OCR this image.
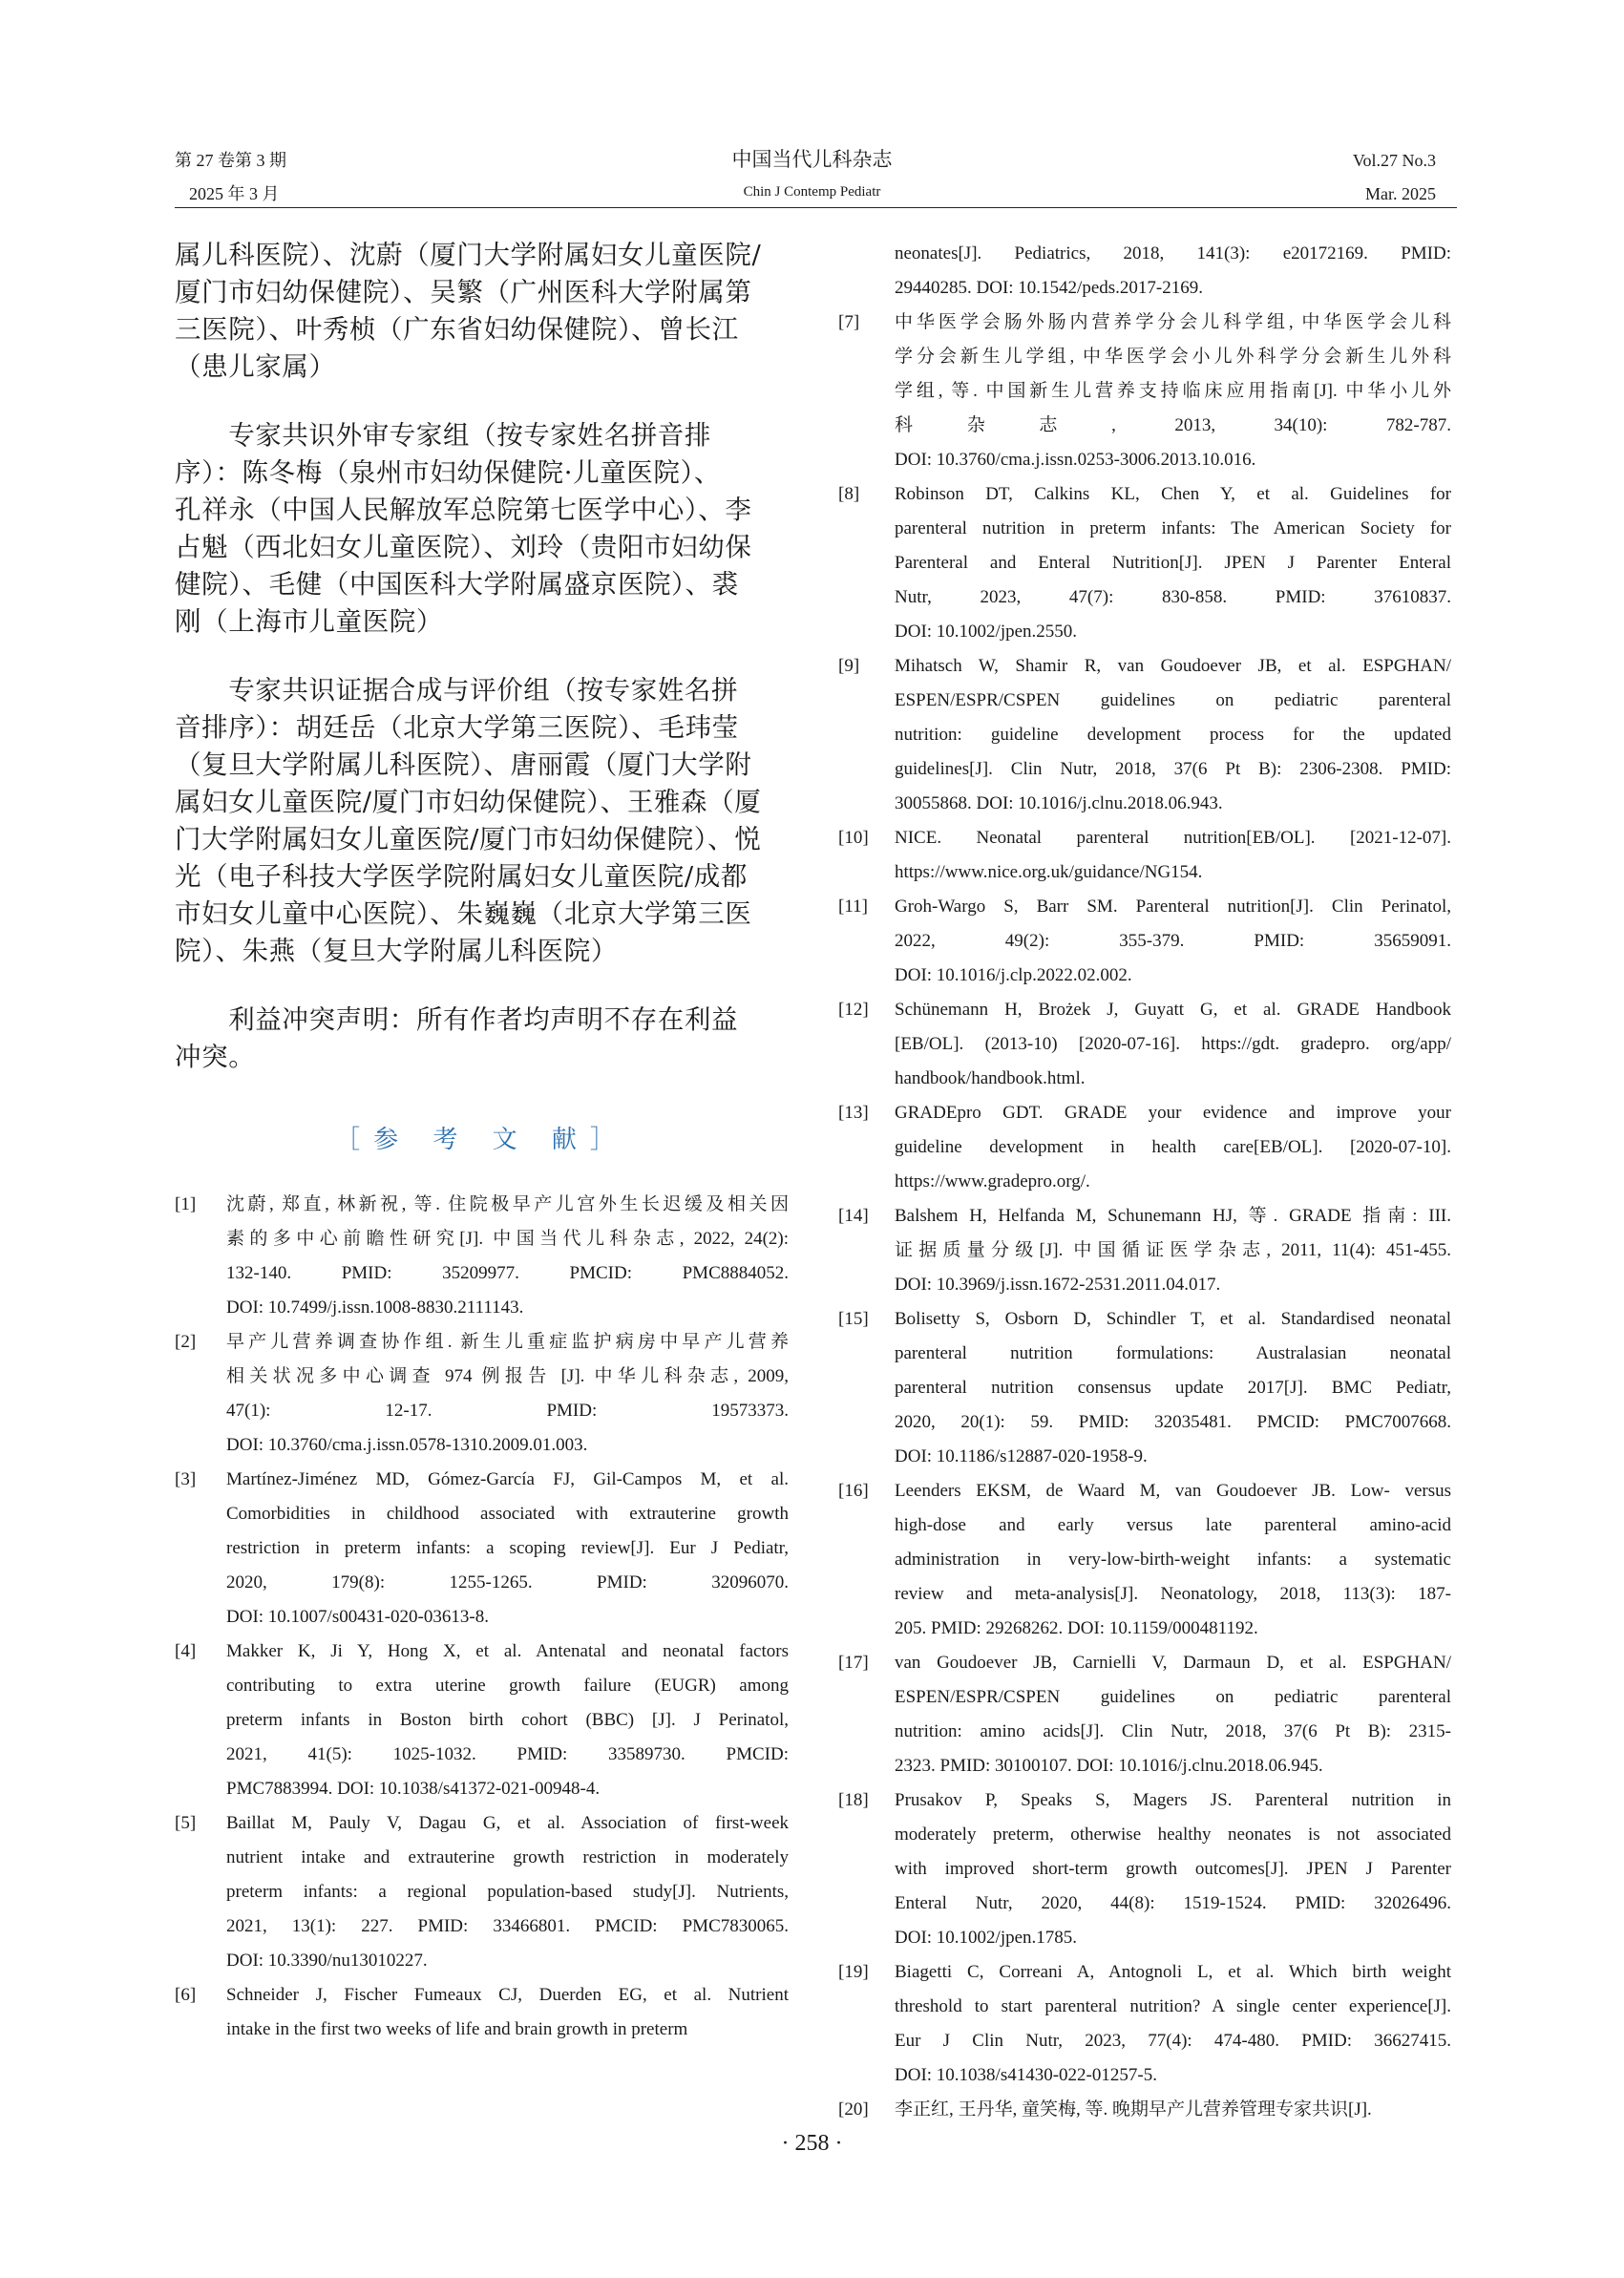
第 27 卷第 3 期
2025 年 3 月
中国当代儿科杂志
Chin J Contemp Pediatr
Vol.27 No.3
Mar. 2025
属儿科医院）、沈蔚（厦门大学附属妇女儿童医院/
厦门市妇幼保健院）、吴繁（广州医科大学附属第
三医院）、叶秀桢（广东省妇幼保健院）、曾长江
（患儿家属）
　　专家共识外审专家组（按专家姓名拼音排
序）：陈冬梅（泉州市妇幼保健院·儿童医院）、
孔祥永（中国人民解放军总院第七医学中心）、李
占魁（西北妇女儿童医院）、刘玲（贵阳市妇幼保
健院）、毛健（中国医科大学附属盛京医院）、裘
刚（上海市儿童医院）
　　专家共识证据合成与评价组（按专家姓名拼
音排序）：胡廷岳（北京大学第三医院）、毛玮莹
（复旦大学附属儿科医院）、唐丽霞（厦门大学附
属妇女儿童医院/厦门市妇幼保健院）、王雅森（厦
门大学附属妇女儿童医院/厦门市妇幼保健院）、悦
光（电子科技大学医学院附属妇女儿童医院/成都
市妇女儿童中心医院）、朱巍巍（北京大学第三医
院）、朱燕（复旦大学附属儿科医院）
　　利益冲突声明：所有作者均声明不存在利益
冲突。
［参 考 文 献］
[1] 沈蔚, 郑直, 林新祝, 等. 住院极早产儿宫外生长迟缓及相关因
素的多中心前瞻性研究[J]. 中国当代儿科杂志, 2022, 24(2):
132-140. PMID: 35209977. PMCID: PMC8884052.
DOI: 10.7499/j.issn.1008-8830.2111143.
[2] 早产儿营养调查协作组. 新生儿重症监护病房中早产儿营养
相关状况多中心调查 974 例报告 [J]. 中华儿科杂志, 2009,
47(1): 12-17. PMID: 19573373.
DOI: 10.3760/cma.j.issn.0578-1310.2009.01.003.
[3] Martínez-Jiménez MD, Gómez-García FJ, Gil-Campos M, et al.
Comorbidities in childhood associated with extrauterine growth
restriction in preterm infants: a scoping review[J]. Eur J Pediatr,
2020, 179(8): 1255-1265. PMID: 32096070.
DOI: 10.1007/s00431-020-03613-8.
[4] Makker K, Ji Y, Hong X, et al. Antenatal and neonatal factors
contributing to extra uterine growth failure (EUGR) among
preterm infants in Boston birth cohort (BBC) [J]. J Perinatol,
2021, 41(5): 1025-1032. PMID: 33589730. PMCID:
PMC7883994. DOI: 10.1038/s41372-021-00948-4.
[5] Baillat M, Pauly V, Dagau G, et al. Association of first-week
nutrient intake and extrauterine growth restriction in moderately
preterm infants: a regional population-based study[J]. Nutrients,
2021, 13(1): 227. PMID: 33466801. PMCID: PMC7830065.
DOI: 10.3390/nu13010227.
[6] Schneider J, Fischer Fumeaux CJ, Duerden EG, et al. Nutrient
intake in the first two weeks of life and brain growth in preterm
neonates[J]. Pediatrics, 2018, 141(3): e20172169. PMID:
29440285. DOI: 10.1542/peds.2017-2169.
[7] 中华医学会肠外肠内营养学分会儿科学组, 中华医学会儿科
学分会新生儿学组, 中华医学会小儿外科学分会新生儿外科
学组, 等. 中国新生儿营养支持临床应用指南[J]. 中华小儿外
科杂志, 2013, 34(10): 782-787.
DOI: 10.3760/cma.j.issn.0253-3006.2013.10.016.
[8] Robinson DT, Calkins KL, Chen Y, et al. Guidelines for
parenteral nutrition in preterm infants: The American Society for
Parenteral and Enteral Nutrition[J]. JPEN J Parenter Enteral
Nutr, 2023, 47(7): 830-858. PMID: 37610837.
DOI: 10.1002/jpen.2550.
[9] Mihatsch W, Shamir R, van Goudoever JB, et al. ESPGHAN/
ESPEN/ESPR/CSPEN guidelines on pediatric parenteral
nutrition: guideline development process for the updated
guidelines[J]. Clin Nutr, 2018, 37(6 Pt B): 2306-2308. PMID:
30055868. DOI: 10.1016/j.clnu.2018.06.943.
[10] NICE. Neonatal parenteral nutrition[EB/OL]. [2021-12-07].
https://www.nice.org.uk/guidance/NG154.
[11] Groh-Wargo S, Barr SM. Parenteral nutrition[J]. Clin Perinatol,
2022, 49(2): 355-379. PMID: 35659091.
DOI: 10.1016/j.clp.2022.02.002.
[12] Schünemann H, Brożek J, Guyatt G, et al. GRADE Handbook
[EB/OL]. (2013-10) [2020-07-16]. https://gdt. gradepro. org/app/
handbook/handbook.html.
[13] GRADEpro GDT. GRADE your evidence and improve your
guideline development in health care[EB/OL]. [2020-07-10].
https://www.gradepro.org/.
[14] Balshem H, Helfanda M, Schunemann HJ, 等. GRADE 指南: III.
证据质量分级[J]. 中国循证医学杂志, 2011, 11(4): 451-455.
DOI: 10.3969/j.issn.1672-2531.2011.04.017.
[15] Bolisetty S, Osborn D, Schindler T, et al. Standardised neonatal
parenteral nutrition formulations: Australasian neonatal
parenteral nutrition consensus update 2017[J]. BMC Pediatr,
2020, 20(1): 59. PMID: 32035481. PMCID: PMC7007668.
DOI: 10.1186/s12887-020-1958-9.
[16] Leenders EKSM, de Waard M, van Goudoever JB. Low- versus
high-dose and early versus late parenteral amino-acid
administration in very-low-birth-weight infants: a systematic
review and meta-analysis[J]. Neonatology, 2018, 113(3): 187-
205. PMID: 29268262. DOI: 10.1159/000481192.
[17] van Goudoever JB, Carnielli V, Darmaun D, et al. ESPGHAN/
ESPEN/ESPR/CSPEN guidelines on pediatric parenteral
nutrition: amino acids[J]. Clin Nutr, 2018, 37(6 Pt B): 2315-
2323. PMID: 30100107. DOI: 10.1016/j.clnu.2018.06.945.
[18] Prusakov P, Speaks S, Magers JS. Parenteral nutrition in
moderately preterm, otherwise healthy neonates is not associated
with improved short-term growth outcomes[J]. JPEN J Parenter
Enteral Nutr, 2020, 44(8): 1519-1524. PMID: 32026496.
DOI: 10.1002/jpen.1785.
[19] Biagetti C, Correani A, Antognoli L, et al. Which birth weight
threshold to start parenteral nutrition? A single center experience[J].
Eur J Clin Nutr, 2023, 77(4): 474-480. PMID: 36627415.
DOI: 10.1038/s41430-022-01257-5.
[20] 李正红, 王丹华, 童笑梅, 等. 晚期早产儿营养管理专家共识[J].
· 258 ·
